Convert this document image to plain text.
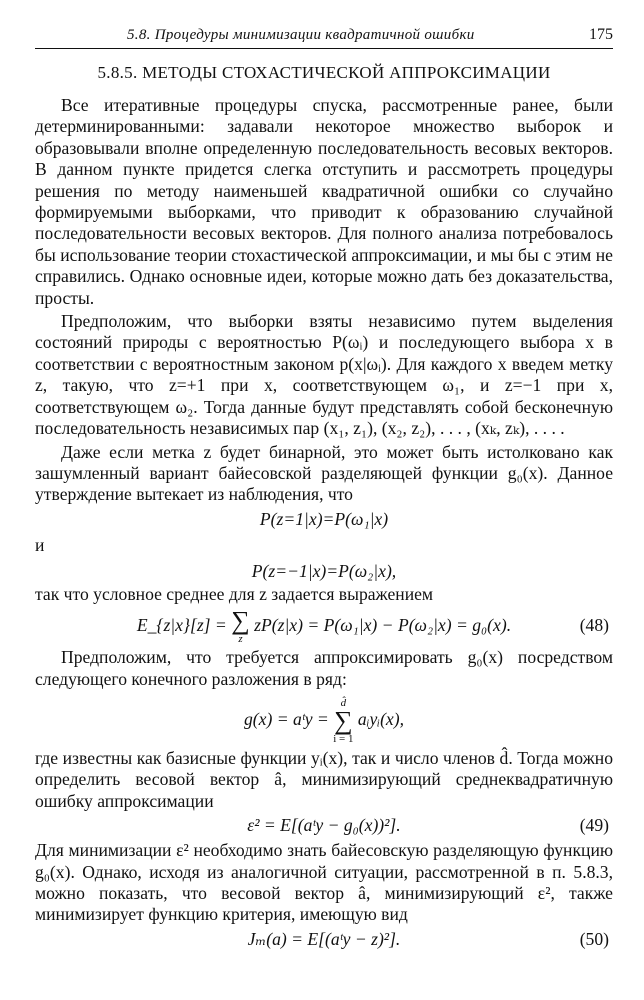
5.8. Процедуры минимизации квадратичной ошибки	175
5.8.5. МЕТОДЫ СТОХАСТИЧЕСКОЙ АППРОКСИМАЦИИ

Все итеративные процедуры спуска, рассмотренные ранее, были детерминированными: задавали некоторое множество выборок и образовывали вполне определенную последовательность весовых векторов. В данном пункте придется слегка отступить и рассмотреть процедуры решения по методу наименьшей квадратичной ошибки со случайно формируемыми выборками, что приводит к образованию случайной последовательности весовых векторов. Для полного анализа потребовалось бы использование теории стохастической аппроксимации, и мы бы с этим не справились. Однако основные идеи, которые можно дать без доказательства, просты.

Предположим, что выборки взяты независимо путем выделения состояний природы с вероятностью P(ωᵢ) и последующего выбора x в соответствии с вероятностным законом p(x|ωᵢ). Для каждого x введем метку z, такую, что z=+1 при x, соответствующем ω₁, и z=−1 при x, соответствующем ω₂. Тогда данные будут представлять собой бесконечную последовательность независимых пар (x₁, z₁), (x₂, z₂), . . . , (xₖ, zₖ), . . . .

Даже если метка z будет бинарной, это может быть истолковано как зашумленный вариант байесовской разделяющей функции g₀(x). Данное утверждение вытекает из наблюдения, что

P(z=1|x)=P(ω₁|x)
и
P(z=−1|x)=P(ω₂|x),

так что условное среднее для z задается выражением

E_{z|x}[z] = ∑
z
zP(z|x) = P(ω₁|x) − P(ω₂|x) = g₀(x).	(48)

Предположим, что требуется аппроксимировать g₀(x) посредством следующего конечного разложения в ряд:

g(x) = aᵗy =
d̂
∑
i = 1
aᵢyᵢ(x),

где известны как базисные функции yᵢ(x), так и число членов d̂. Тогда можно определить весовой вектор â, минимизирующий среднеквадратичную ошибку аппроксимации

ε² = E[(aᵗy − g₀(x))²].	(49)

Для минимизации ε² необходимо знать байесовскую разделяющую функцию g₀(x). Однако, исходя из аналогичной ситуации, рассмотренной в п. 5.8.3, можно показать, что весовой вектор â, минимизирующий ε², также минимизирует функцию критерия, имеющую вид

Jₘ(a) = E[(aᵗy − z)²].	(50)
